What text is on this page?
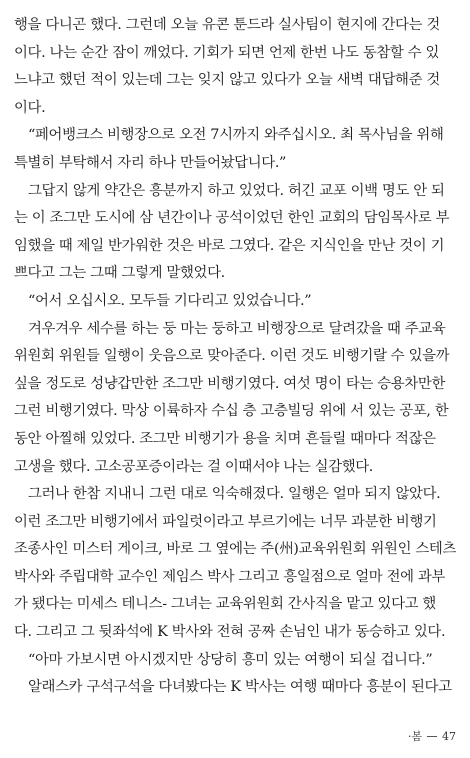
행을 다니곤 했다. 그런데 오늘 유콘 툰드라 실사팀이 현지에 간다는 것
이다. 나는 순간 잠이 깨었다. 기회가 되면 언제 한번 나도 동참할 수 있
느냐고 했던 적이 있는데 그는 잊지 않고 있다가 오늘 새벽 대답해준 것
이다.
“페어뱅크스 비행장으로 오전 7시까지 와주십시오. 최 목사님을 위해
특별히 부탁해서 자리 하나 만들어놨답니다.”
그답지 않게 약간은 흥분까지 하고 있었다. 허긴 교포 이백 명도 안 되
는 이 조그만 도시에 삼 년간이나 공석이었던 한인 교회의 담임목사로 부
임했을 때 제일 반가워한 것은 바로 그였다. 같은 지식인을 만난 것이 기
쁘다고 그는 그때 그렇게 말했었다.
“어서 오십시오. 모두들 기다리고 있었습니다.”
겨우겨우 세수를 하는 둥 마는 둥하고 비행장으로 달려갔을 때 주교육
위원회 위원들 일행이 웃음으로 맞아준다. 이런 것도 비행기랄 수 있을까
싶을 정도로 성냥갑만한 조그만 비행기였다. 여섯 명이 타는 승용차만한
그런 비행기였다. 막상 이륙하자 수십 층 고층빌딩 위에 서 있는 공포, 한
동안 아찔해 있었다. 조그만 비행기가 용을 치며 흔들릴 때마다 적잖은
고생을 했다. 고소공포증이라는 걸 이때서야 나는 실감했다.
그러나 한참 지내니 그런 대로 익숙해졌다. 일행은 얼마 되지 않았다.
이런 조그만 비행기에서 파일럿이라고 부르기에는 너무 과분한 비행기
조종사인 미스터 게이크, 바로 그 옆에는 주(州)교육위원회 위원인 스테츠
박사와 주립대학 교수인 제임스 박사 그리고 흥일점으로 얼마 전에 과부
가 됐다는 미세스 테니스- 그녀는 교육위원회 간사직을 맡고 있다고 했
다. 그리고 그 뒷좌석에 K 박사와 전혀 공짜 손님인 내가 동승하고 있다.
“아마 가보시면 아시겠지만 상당히 흥미 있는 여행이 되실 겁니다.”
알래스카 구석구석을 다녀봤다는 K 박사는 여행 때마다 흥분이 된다고
·봄 47
